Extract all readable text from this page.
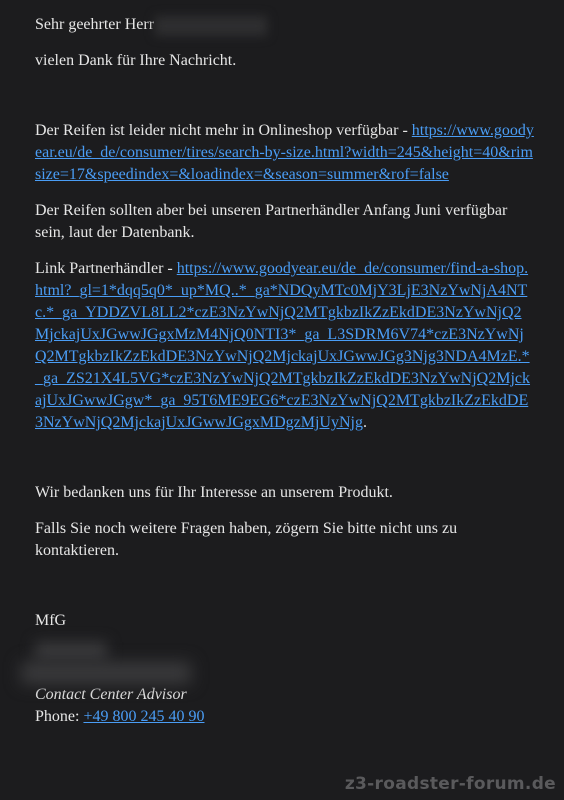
Sehr geehrter Herr

vielen Dank für Ihre Nachricht.

Der Reifen ist leider nicht mehr in Onlineshop verfügbar - https://www.goodyear.eu/de_de/consumer/tires/search-by-size.html?width=245&height=40&rimsize=17&speedindex=&loadindex=&season=summer&rof=false

Der Reifen sollten aber bei unseren Partnerhändler Anfang Juni verfügbar sein, laut der Datenbank.

Link Partnerhändler - https://www.goodyear.eu/de_de/consumer/find-a-shop.html?_gl=1*dqq5q0*_up*MQ..*_ga*NDQyMTc0MjY3LjE3NzYwNjA4NTc.*_ga_YDDZVL8LL2*czE3NzYwNjQ2MTgkbzIkZzEkdDE3NzYwNjQ2MjckajUxJGwwJGgxMzM4NjQ0NTI3*_ga_L3SDRM6V74*czE3NzYwNjQ2MTgkbzIkZzEkdDE3NzYwNjQ2MjckajUxJGwwJGg3Njg3NDA4MzE.*_ga_ZS21X4L5VG*czE3NzYwNjQ2MTgkbzIkZzEkdDE3NzYwNjQ2MjckajUxJGwwJGgw*_ga_95T6ME9EG6*czE3NzYwNjQ2MTgkbzIkZzEkdDE3NzYwNjQ2MjckajUxJGwwJGgxMDgzMjUyNjg.

Wir bedanken uns für Ihr Interesse an unserem Produkt.

Falls Sie noch weitere Fragen haben, zögern Sie bitte nicht uns zu kontaktieren.

MfG

Contact Center Advisor

Phone: +49 800 245 40 90

z3-roadster-forum.de
